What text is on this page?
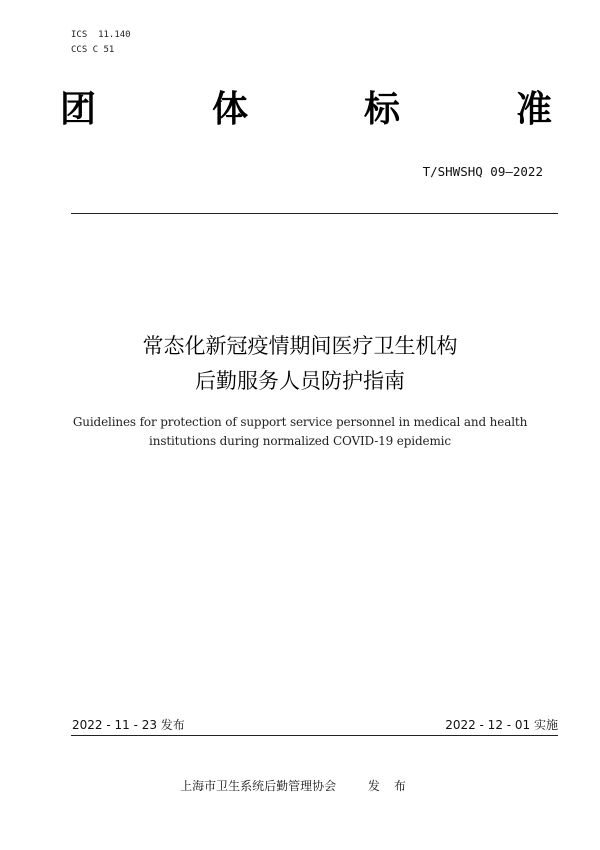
ICS  11.140
CCS C 51
团	体	标	准
T/SHWSHQ 09—2022
常态化新冠疫情期间医疗卫生机构
后勤服务人员防护指南
Guidelines for protection of support service personnel in medical and health
institutions during normalized COVID-19 epidemic
2022 - 11 - 23 发布	2022 - 12 - 01 实施
上海市卫生系统后勤管理协会	发布
